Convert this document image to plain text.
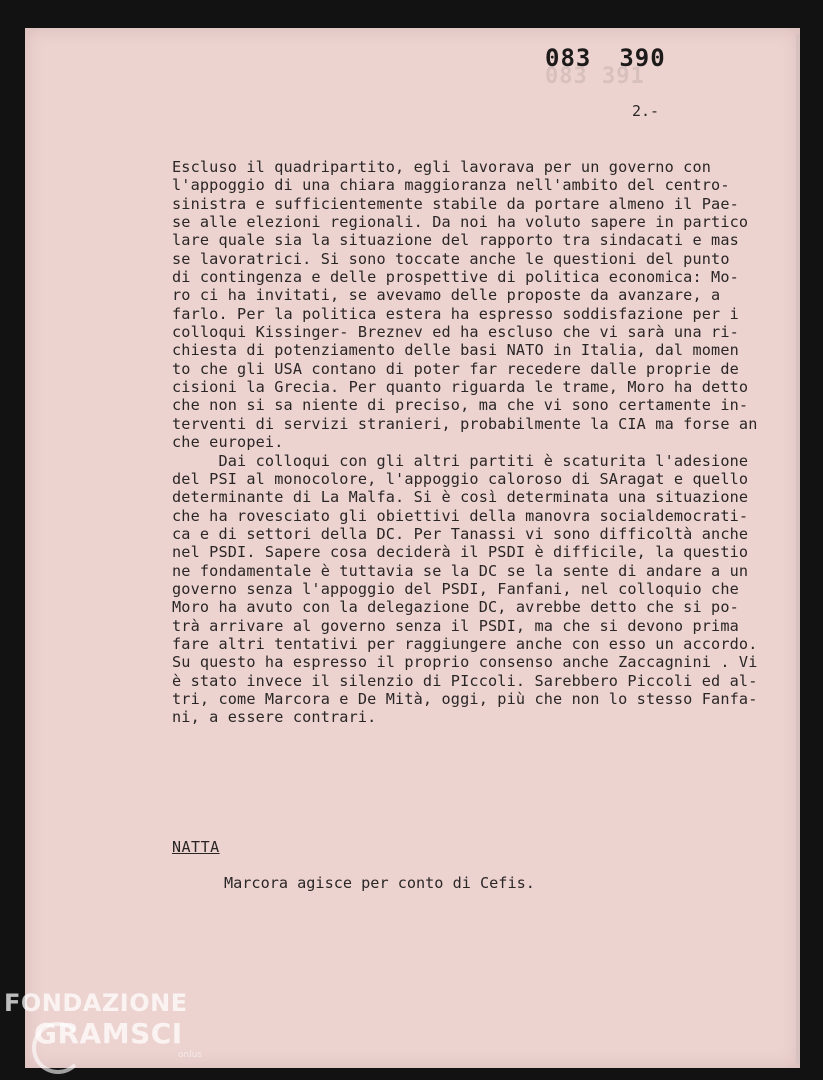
083 391
083 390
2.-
Escluso il quadripartito, egli lavorava per un governo con
l'appoggio di una chiara maggioranza nell'ambito del centro-
sinistra e sufficientemente stabile da portare almeno il Pae-
se alle elezioni regionali. Da noi ha voluto sapere in partico
lare quale sia la situazione del rapporto tra sindacati e mas
se lavoratrici. Si sono toccate anche le questioni del punto
di contingenza e delle prospettive di politica economica: Mo-
ro ci ha invitati, se avevamo delle proposte da avanzare, a
farlo. Per la politica estera ha espresso soddisfazione per i
colloqui Kissinger- Breznev ed ha escluso che vi sarà una ri-
chiesta di potenziamento delle basi NATO in Italia, dal momen
to che gli USA contano di poter far recedere dalle proprie de
cisioni la Grecia. Per quanto riguarda le trame, Moro ha detto
che non si sa niente di preciso, ma che vi sono certamente in-
terventi di servizi stranieri, probabilmente la CIA ma forse an
che europei.
Dai colloqui con gli altri partiti è scaturita l'adesione
del PSI al monocolore, l'appoggio caloroso di SAragat e quello
determinante di La Malfa. Si è così determinata una situazione
che ha rovesciato gli obiettivi della manovra socialdemocrati-
ca e di settori della DC. Per Tanassi vi sono difficoltà anche
nel PSDI. Sapere cosa deciderà il PSDI è difficile, la questio
ne fondamentale è tuttavia se la DC se la sente di andare a un
governo senza l'appoggio del PSDI, Fanfani, nel colloquio che
Moro ha avuto con la delegazione DC, avrebbe detto che si po-
trà arrivare al governo senza il PSDI, ma che si devono prima
fare altri tentativi per raggiungere anche con esso un accordo.
Su questo ha espresso il proprio consenso anche Zaccagnini . Vi
è stato invece il silenzio di PIccoli. Sarebbero Piccoli ed al-
tri, come Marcora e De Mità, oggi, più che non lo stesso Fanfa-
ni, a essere contrari.
NATTA
Marcora agisce per conto di Cefis.
FONDAZIONE
GRAMSCI
onlus
